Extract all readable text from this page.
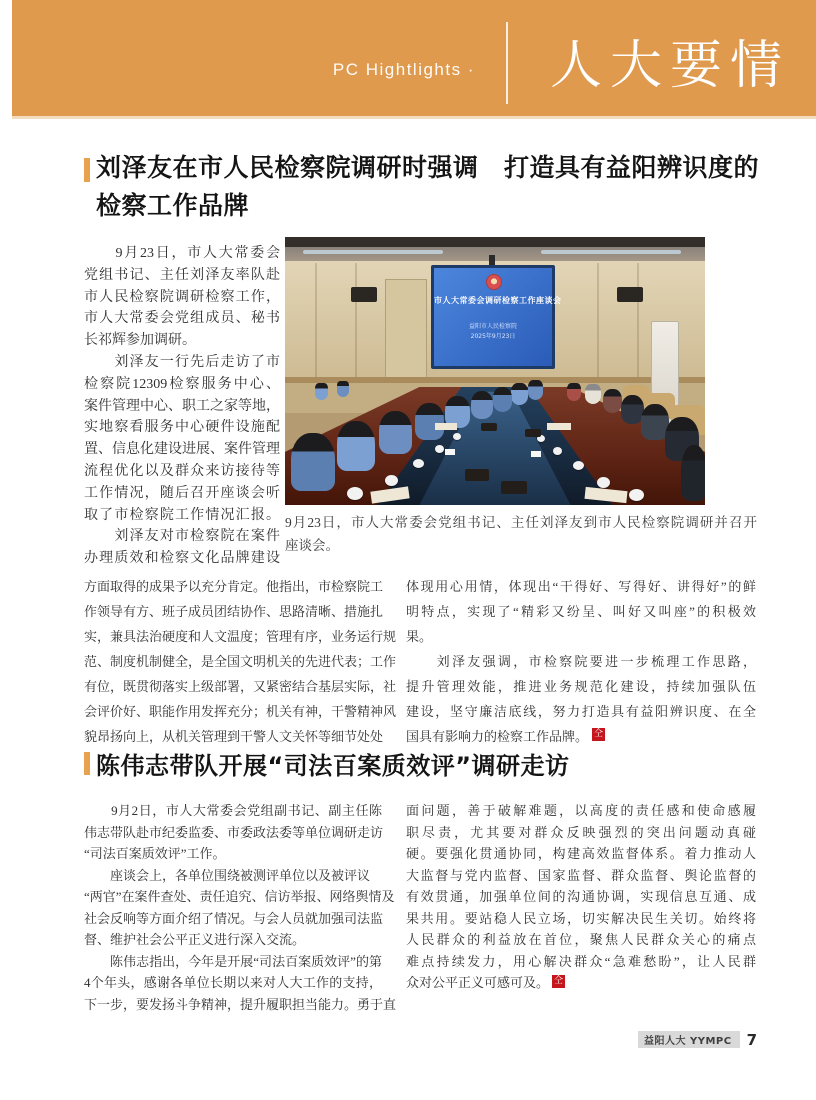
PC Hightlights ·	人大要情
刘泽友在市人民检察院调研时强调　打造具有益阳辨识度的
检察工作品牌
　　9月23日，市人大常委会
党组书记、主任刘泽友率队赴
市人民检察院调研检察工作，
市人大常委会党组成员、秘书
长祁辉参加调研。
　　刘泽友一行先后走访了市
检察院12309检察服务中心、
案件管理中心、职工之家等地，
实地察看服务中心硬件设施配
置、信息化建设进展、案件管理
流程优化以及群众来访接待等
工作情况，随后召开座谈会听
取了市检察院工作情况汇报。
　　刘泽友对市检察院在案件
办理质效和检察文化品牌建设
市人大常委会调研检察工作座谈会
益阳市人民检察院
2025年9月23日
9月23日，市人大常委会党组书记、主任刘泽友到市人民检察院调研并召开
座谈会。
方面取得的成果予以充分肯定。他指出，市检察院工
作领导有方、班子成员团结协作、思路清晰、措施扎
实，兼具法治硬度和人文温度；管理有序，业务运行规
范、制度机制健全，是全国文明机关的先进代表；工作
有位，既贯彻落实上级部署，又紧密结合基层实际，社
会评价好、职能作用发挥充分；机关有神，干警精神风
貌昂扬向上，从机关管理到干警人文关怀等细节处处
体现用心用情，体现出“干得好、写得好、讲得好”的鲜
明特点，实现了“精彩又纷呈、叫好又叫座”的积极效
果。
　　刘泽友强调，市检察院要进一步梳理工作思路，
提升管理效能，推进业务规范化建设，持续加强队伍
建设，坚守廉洁底线，努力打造具有益阳辨识度、在全
国具有影响力的检察工作品牌。 仝
陈伟志带队开展“司法百案质效评”调研走访
　　9月2日，市人大常委会党组副书记、副主任陈
伟志带队赴市纪委监委、市委政法委等单位调研走访
“司法百案质效评”工作。
　　座谈会上，各单位围绕被测评单位以及被评议
“两官”在案件查处、责任追究、信访举报、网络舆情及
社会反响等方面介绍了情况。与会人员就加强司法监
督、维护社会公平正义进行深入交流。
　　陈伟志指出，今年是开展“司法百案质效评”的第
4个年头，感谢各单位长期以来对人大工作的支持，
下一步，要发扬斗争精神，提升履职担当能力。勇于直
面问题，善于破解难题，以高度的责任感和使命感履
职尽责，尤其要对群众反映强烈的突出问题动真碰
硬。要强化贯通协同，构建高效监督体系。着力推动人
大监督与党内监督、国家监督、群众监督、舆论监督的
有效贯通，加强单位间的沟通协调，实现信息互通、成
果共用。要站稳人民立场，切实解决民生关切。始终将
人民群众的利益放在首位，聚焦人民群众关心的痛点
难点持续发力，用心解决群众“急难愁盼”，让人民群
众对公平正义可感可及。 仝
益阳人大 YYMPC 7
